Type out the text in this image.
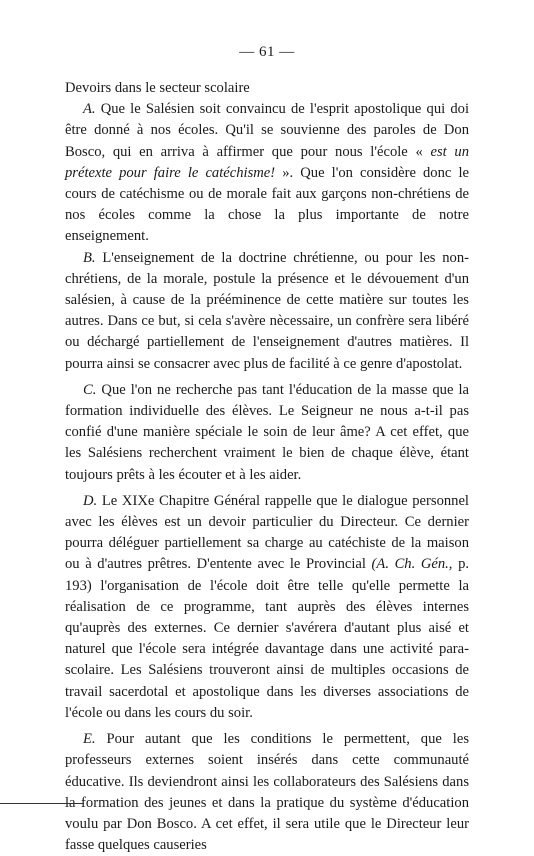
— 61 —

Devoirs dans le secteur scolaire

A. Que le Salésien soit convaincu de l'esprit apostolique qui doi être donné à nos écoles. Qu'il se souvienne des paroles de Don Bosco, qui en arriva à affirmer que pour nous l'école « est un prétexte pour faire le catéchisme! ». Que l'on considère donc le cours de catéchisme ou de morale fait aux garçons non-chrétiens de nos écoles comme la chose la plus importante de notre enseignement.

B. L'enseignement de la doctrine chrétienne, ou pour les non-chrétiens, de la morale, postule la présence et le dévouement d'un salésien, à cause de la prééminence de cette matière sur toutes les autres. Dans ce but, si cela s'avère nècessaire, un confrère sera libéré ou déchargé partiellement de l'enseignement d'autres matières. Il pourra ainsi se consacrer avec plus de facilité à ce genre d'apostolat.

C. Que l'on ne recherche pas tant l'éducation de la masse que la formation individuelle des élèves. Le Seigneur ne nous a-t-il pas confié d'une manière spéciale le soin de leur âme? A cet effet, que les Salésiens recherchent vraiment le bien de chaque élève, étant toujours prêts à les écouter et à les aider.

D. Le XIXe Chapitre Général rappelle que le dialogue personnel avec les élèves est un devoir particulier du Directeur. Ce dernier pourra déléguer partiellement sa charge au catéchiste de la maison ou à d'autres prêtres. D'entente avec le Provincial (A. Ch. Gén., p. 193) l'organisation de l'école doit être telle qu'elle permette la réalisation de ce programme, tant auprès des élèves internes qu'auprès des externes. Ce dernier s'avérera d'autant plus aisé et naturel que l'école sera intégrée davantage dans une activité para-scolaire. Les Salésiens trouveront ainsi de multiples occasions de travail sacerdotal et apostolique dans les diverses associations de l'école ou dans les cours du soir.

E. Pour autant que les conditions le permettent, que les professeurs externes soient insérés dans cette communauté éducative. Ils deviendront ainsi les collaborateurs des Salésiens dans la formation des jeunes et dans la pratique du système d'éducation voulu par Don Bosco. A cet effet, il sera utile que le Directeur leur fasse quelques causeries
